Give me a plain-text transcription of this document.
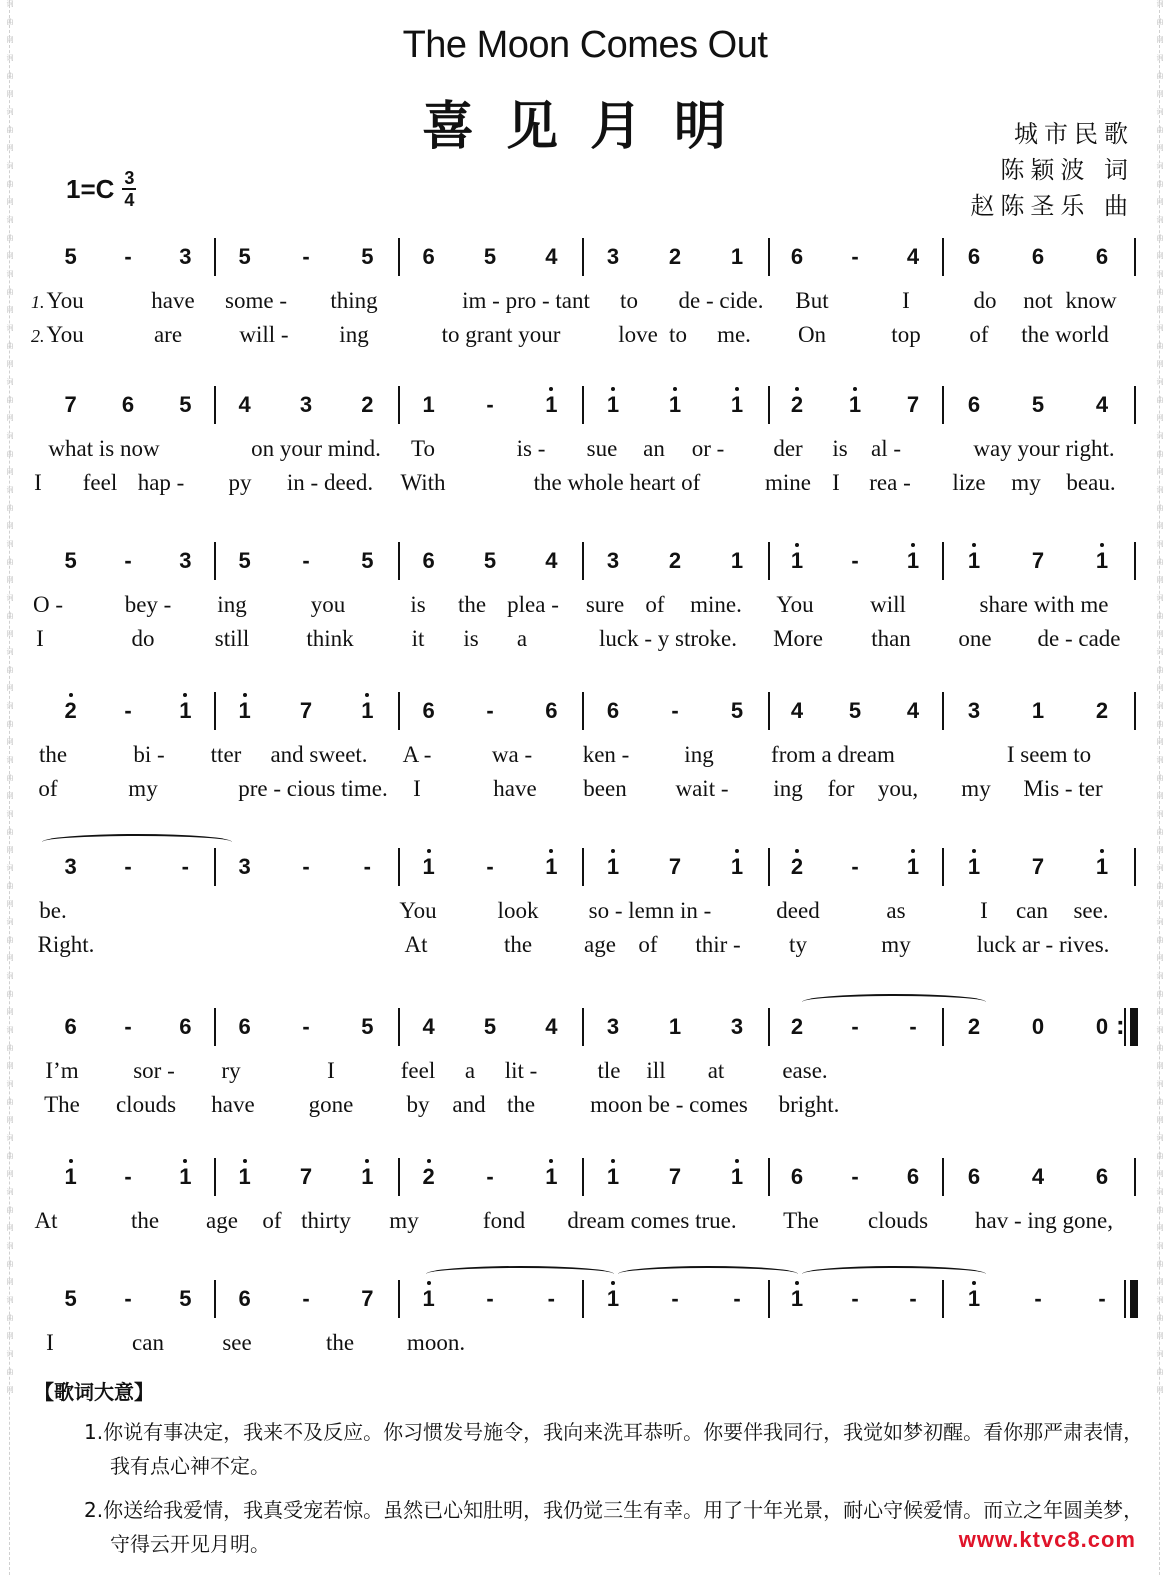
词
曲
网
词
曲
网
词
曲
网
词
曲
网
词
曲
网
词
曲
网
词
曲
网
词
曲
网
词
曲
网
词
曲
网
词
曲
网
词
曲
网
词
曲
网
词
曲
网
词
曲
网
词
曲
网
词
曲
网
词
曲
网
词
曲
网
词
曲
网
词
曲
网
词
曲
网
词
曲
网
词
曲
网
词
曲
网
词
曲
网
词
曲
网
词
曲
网
词
曲
网
词
曲
网
词
曲
网
词
曲
网
词
曲
网
词
曲
网
词
曲
网
词
曲
网
词
曲
网
词
曲
网
词
曲
网
词
曲
网
词
曲
网
词
曲
网
词
曲
网
词
曲
网
词
曲
网
词
曲
网
词
曲
网
词
曲
网
词
曲
网
词
曲
网
词
曲
网
词
曲
网
The Moon Comes Out
喜见月明	城市民歌
陈颖波 词
赵陈圣乐 曲
$1=C \frac{3}{4}$
5	-	3 5	-	5 6 5 4 3 2 1 6	-	4 6 6 6
1.You	have some - thing	im - pro - tant to de - cide. But	I	do not know
2.You	are will - ing	to grant your	love to me. On	top of the world
7 6 5 4 3 2 1	-	1 1 1 1 2 1 7 6 5 4
what is now	on your mind. To	is - sue an or - der is al -	way your right.
I feel hap - py in - deed. With	the whole heart of	mine I rea - lize my beau.
5	-	3 5	-	5 6 5 4 3 2 1 1	-	1 1 7 1
O -	bey - ing	you	is the plea - sure of mine. You will	share with me
I	do	still think	it is a	luck - y stroke. More than one de - cade
2	-	1 1 7 1 6	-	6 6	-	5 4 5 4 3 1 2
the	bi - tter and sweet. A -	wa - ken - ing from a dream	I seem to
of	my	pre - cious time. I	have been wait - ing for you, my Mis - ter
3	-	-	3	-	-	1	-	1 1 7 1 2	-	1 1 7 1
be.	You	look so - lemn in -	deed	as	I can see.
Right.	At	the age of thir - ty	my	luck ar - rives.
6	-	6 6	-	5 4 5 4 3 1 3 2	-	-	2 0 0
:
I’m sor - ry	I	feel a lit -	tle ill at	ease.
The clouds have gone by and the moon be - comes bright.
1	-	1 1 7 1 2	-	1 1 7 1 6	-	6 6 4 6
At	the age of thirty my	fond dream comes true. The clouds hav - ing gone,
5	-	5 6	-	7 1	-	-	1	-	-	1	-	-	1	-	-
I	can	see	the moon.
【歌词大意】

1.你说有事决定，我来不及反应。你习惯发号施令，我向来洗耳恭听。你要伴我同行，我觉如梦初醒。看你那严肃表情，我有点心神不定。

2.你送给我爱情，我真受宠若惊。虽然已心知肚明，我仍觉三生有幸。用了十年光景，耐心守候爱情。而立之年圆美梦，守得云开见月明。	www.ktvc8.com
